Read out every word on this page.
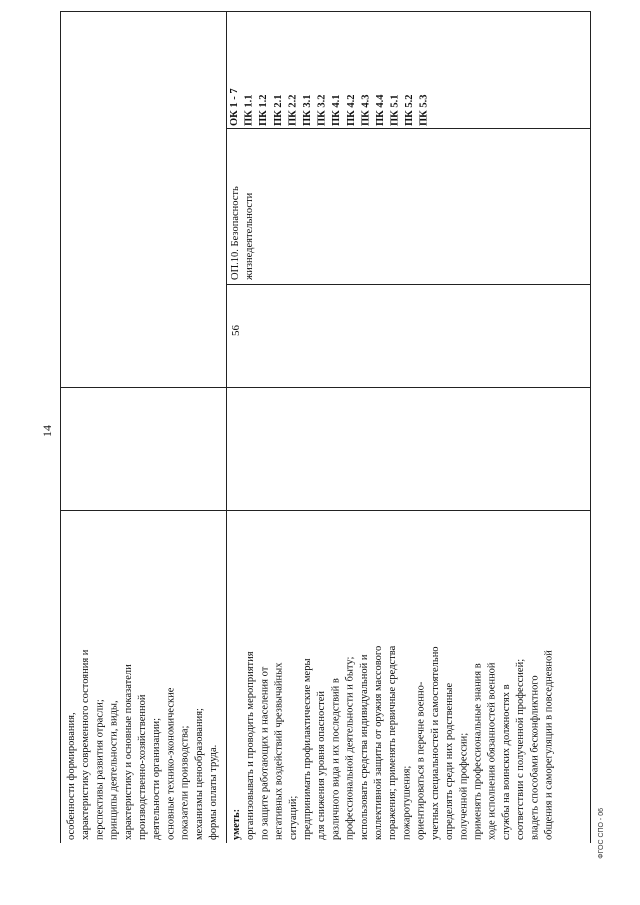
14
особенности формирования, характеристику современного состояния и перспективы развития отрасли; принципы деятельности, виды, характеристику и основные показатели производственно-хозяйственной деятельности организации; основные технико-экономические показатели производства; механизмы ценообразования; формы оплаты труда. уметь: организовывать и проводить мероприятия по защите работающих и населения от негативных воздействий чрезвычайных ситуаций; предпринимать профилактические меры для снижения уровня опасностей различного вида и их последствий в профессиональной деятельности и быту; использовать средства индивидуальной и коллективной защиты от оружия массового поражения; применять первичные средства пожаротушения; ориентироваться в перечне военно- учетных специальностей и самостоятельно определять среди них родственные полученной профессии; применять профессиональные знания в ходе исполнения обязанностей военной службы на воинских должностях в соответствии с полученной профессией; владеть способами бесконфликтного общения и саморегуляции в повседневной
56
ОП.10. Безопасность
жизнедеятельности
ОК 1 - 7 ПК 1.1 ПК 1.2 ПК 2.1 ПК 2.2 ПК 3.1 ПК 3.2 ПК 4.1 ПК 4.2 ПК 4.3 ПК 4.4 ПК 5.1 ПК 5.2 ПК 5.3
ФГОС СПО - 06
